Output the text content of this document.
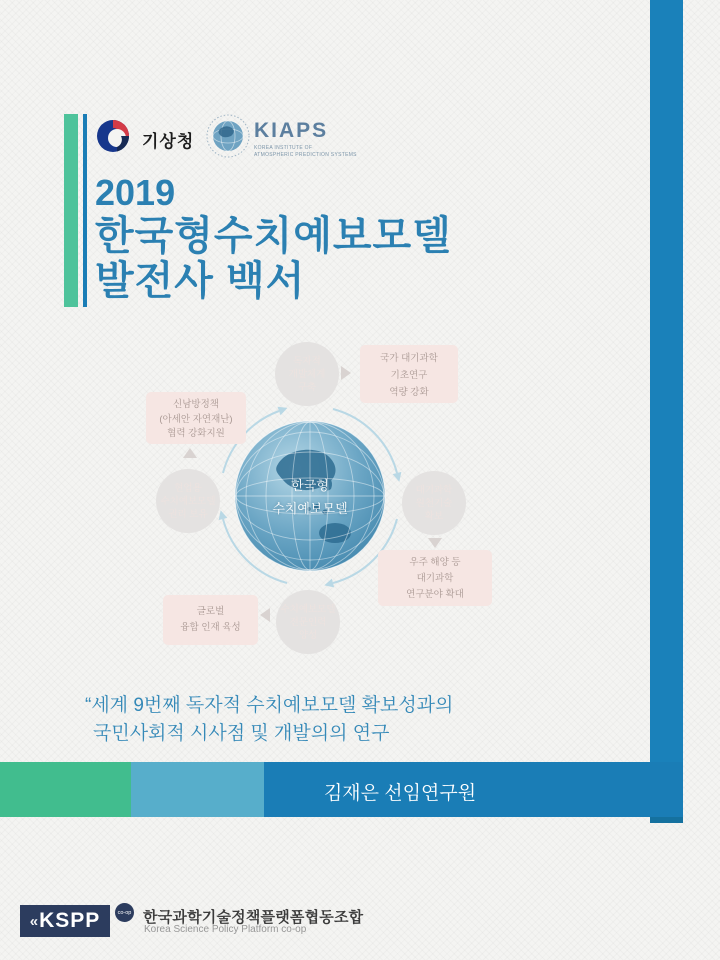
기상청	KIAPS
KOREA INSTITUTE OF
ATMOSPHERIC PREDICTION SYSTEMS
2019
한국형수치예보모델
발전사 백서
한국형
수치예보모델
독자적
개발체계
구축
대기과학
원천기술
확보
수치예보모델
전문인력
양성
현업용
수치예보모델
권리 보유
국가 대기과학
기초연구
역량 강화
신남방정책
(아세안 자연재난)
협력 강화지원
우주 해양 등
대기과학
연구분야 확대
글로벌
융합 인재 육성
“세계 9번째 독자적 수치예보모델 확보성과의
국민사회적 시사점 및 개발의의 연구
김재은 선임연구원
« KSPP	co-op 한국과학기술정책플랫폼협동조합
Korea Science Policy Platform co-op
